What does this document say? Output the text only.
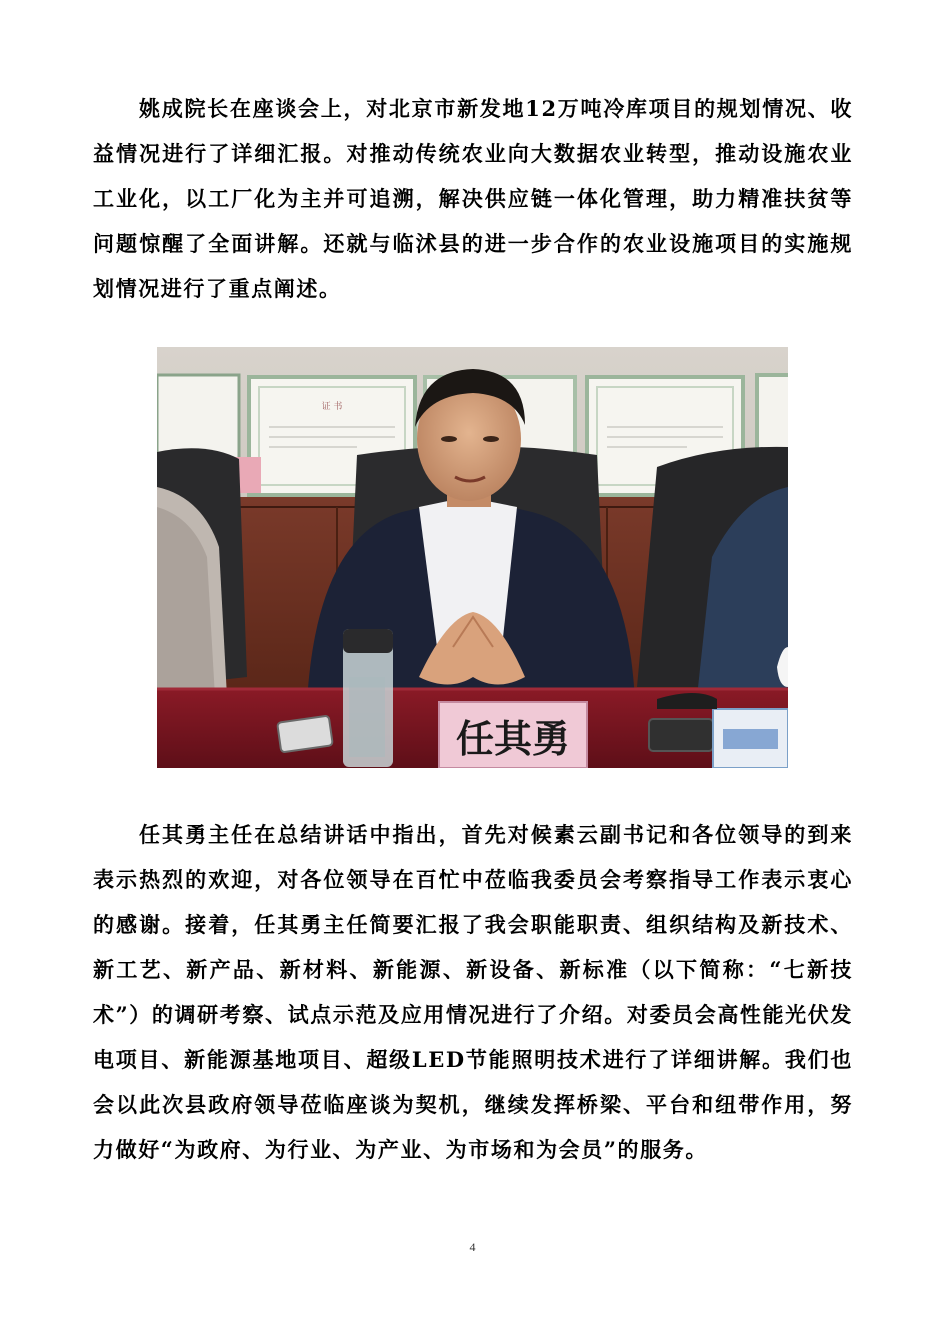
姚成院长在座谈会上，对北京市新发地12万吨冷库项目的规划情况、收益情况进行了详细汇报。对推动传统农业向大数据农业转型，推动设施农业工业化，以工厂化为主并可追溯，解决供应链一体化管理，助力精准扶贫等问题惊醒了全面讲解。还就与临沭县的进一步合作的农业设施项目的实施规划情况进行了重点阐述。

证 书
任其勇

任其勇主任在总结讲话中指出，首先对候素云副书记和各位领导的到来表示热烈的欢迎，对各位领导在百忙中莅临我委员会考察指导工作表示衷心的感谢。接着，任其勇主任简要汇报了我会职能职责、组织结构及新技术、新工艺、新产品、新材料、新能源、新设备、新标准（以下简称：“七新技术”）的调研考察、试点示范及应用情况进行了介绍。对委员会高性能光伏发电项目、新能源基地项目、超级LED节能照明技术进行了详细讲解。我们也会以此次县政府领导莅临座谈为契机，继续发挥桥梁、平台和纽带作用，努力做好“为政府、为行业、为产业、为市场和为会员”的服务。

4
